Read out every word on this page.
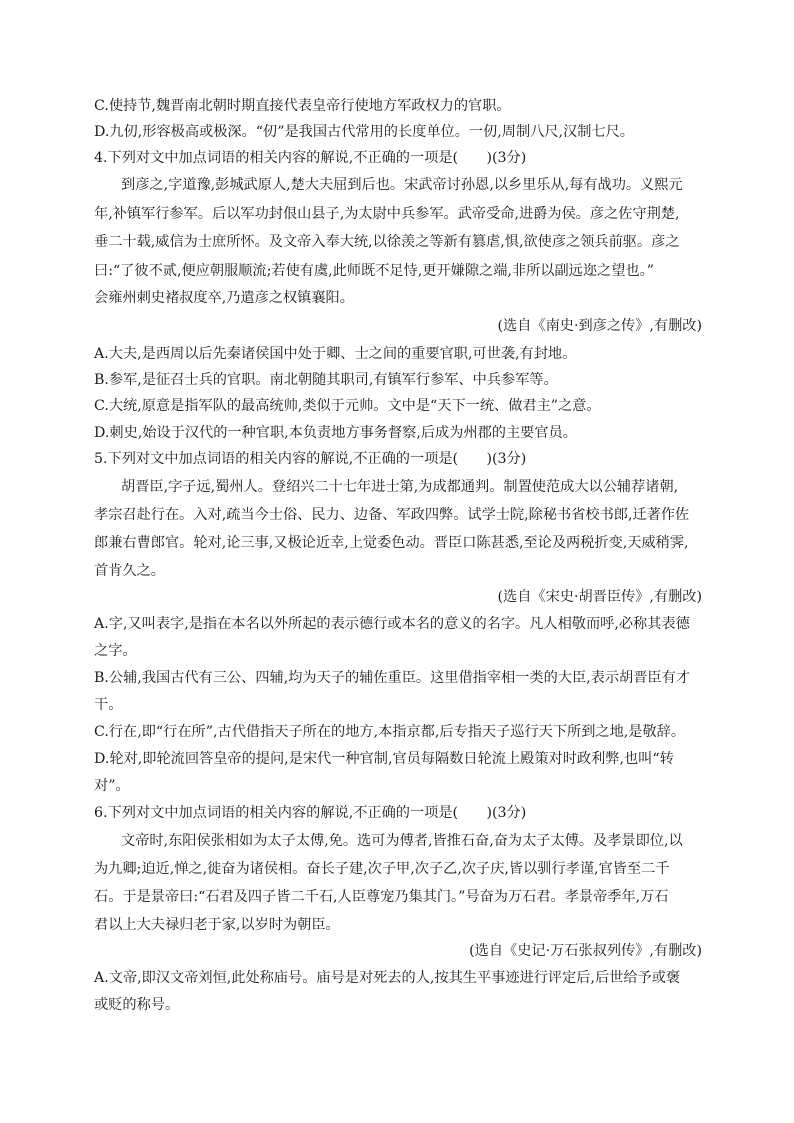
C.使持节,魏晋南北朝时期直接代表皇帝行使地方军政权力的官职。
D.九仞,形容极高或极深。“仞”是我国古代常用的长度单位。一仞,周制八尺,汉制七尺。
4.下列对文中加点词语的相关内容的解说,不正确的一项是(　　)(3分)
到彦之,字道豫,彭城武原人,楚大夫屈到后也。宋武帝讨孙恩,以乡里乐从,每有战功。义熙元
年,补镇军行参军。后以军功封佷山县子,为太尉中兵参军。武帝受命,进爵为侯。彦之佐守荆楚,
垂二十载,威信为士庶所怀。及文帝入奉大统,以徐羡之等新有篡虐,惧,欲使彦之领兵前驱。彦之
曰:“了彼不贰,便应朝服顺流;若使有虞,此师既不足恃,更开嫌隙之端,非所以副远迩之望也。”
会雍州刺史褚叔度卒,乃遣彦之权镇襄阳。
(选自《南史·到彦之传》,有删改)
A.大夫,是西周以后先秦诸侯国中处于卿、士之间的重要官职,可世袭,有封地。
B.参军,是征召士兵的官职。南北朝随其职司,有镇军行参军、中兵参军等。
C.大统,原意是指军队的最高统帅,类似于元帅。文中是“天下一统、做君主”之意。
D.刺史,始设于汉代的一种官职,本负责地方事务督察,后成为州郡的主要官员。
5.下列对文中加点词语的相关内容的解说,不正确的一项是(　　)(3分)
胡晋臣,字子远,蜀州人。登绍兴二十七年进士第,为成都通判。制置使范成大以公辅荐诸朝,
孝宗召赴行在。入对,疏当今士俗、民力、边备、军政四弊。试学士院,除秘书省校书郎,迁著作佐
郎兼右曹郎官。轮对,论三事,又极论近幸,上觉委色动。晋臣口陈甚悉,至论及两税折变,天威稍霁,
首肯久之。
(选自《宋史·胡晋臣传》,有删改)
A.字,又叫表字,是指在本名以外所起的表示德行或本名的意义的名字。凡人相敬而呼,必称其表德
之字。
B.公辅,我国古代有三公、四辅,均为天子的辅佐重臣。这里借指宰相一类的大臣,表示胡晋臣有才
干。
C.行在,即“行在所”,古代借指天子所在的地方,本指京都,后专指天子巡行天下所到之地,是敬辞。
D.轮对,即轮流回答皇帝的提问,是宋代一种官制,官员每隔数日轮流上殿策对时政利弊,也叫“转
对”。
6.下列对文中加点词语的相关内容的解说,不正确的一项是(　　)(3分)
文帝时,东阳侯张相如为太子太傅,免。选可为傅者,皆推石奋,奋为太子太傅。及孝景即位,以
为九卿;迫近,惮之,徙奋为诸侯相。奋长子建,次子甲,次子乙,次子庆,皆以驯行孝谨,官皆至二千
石。于是景帝曰:“石君及四子皆二千石,人臣尊宠乃集其门。”号奋为万石君。孝景帝季年,万石
君以上大夫禄归老于家,以岁时为朝臣。
(选自《史记·万石张叔列传》,有删改)
A.文帝,即汉文帝刘恒,此处称庙号。庙号是对死去的人,按其生平事迹进行评定后,后世给予或褒
或贬的称号。
